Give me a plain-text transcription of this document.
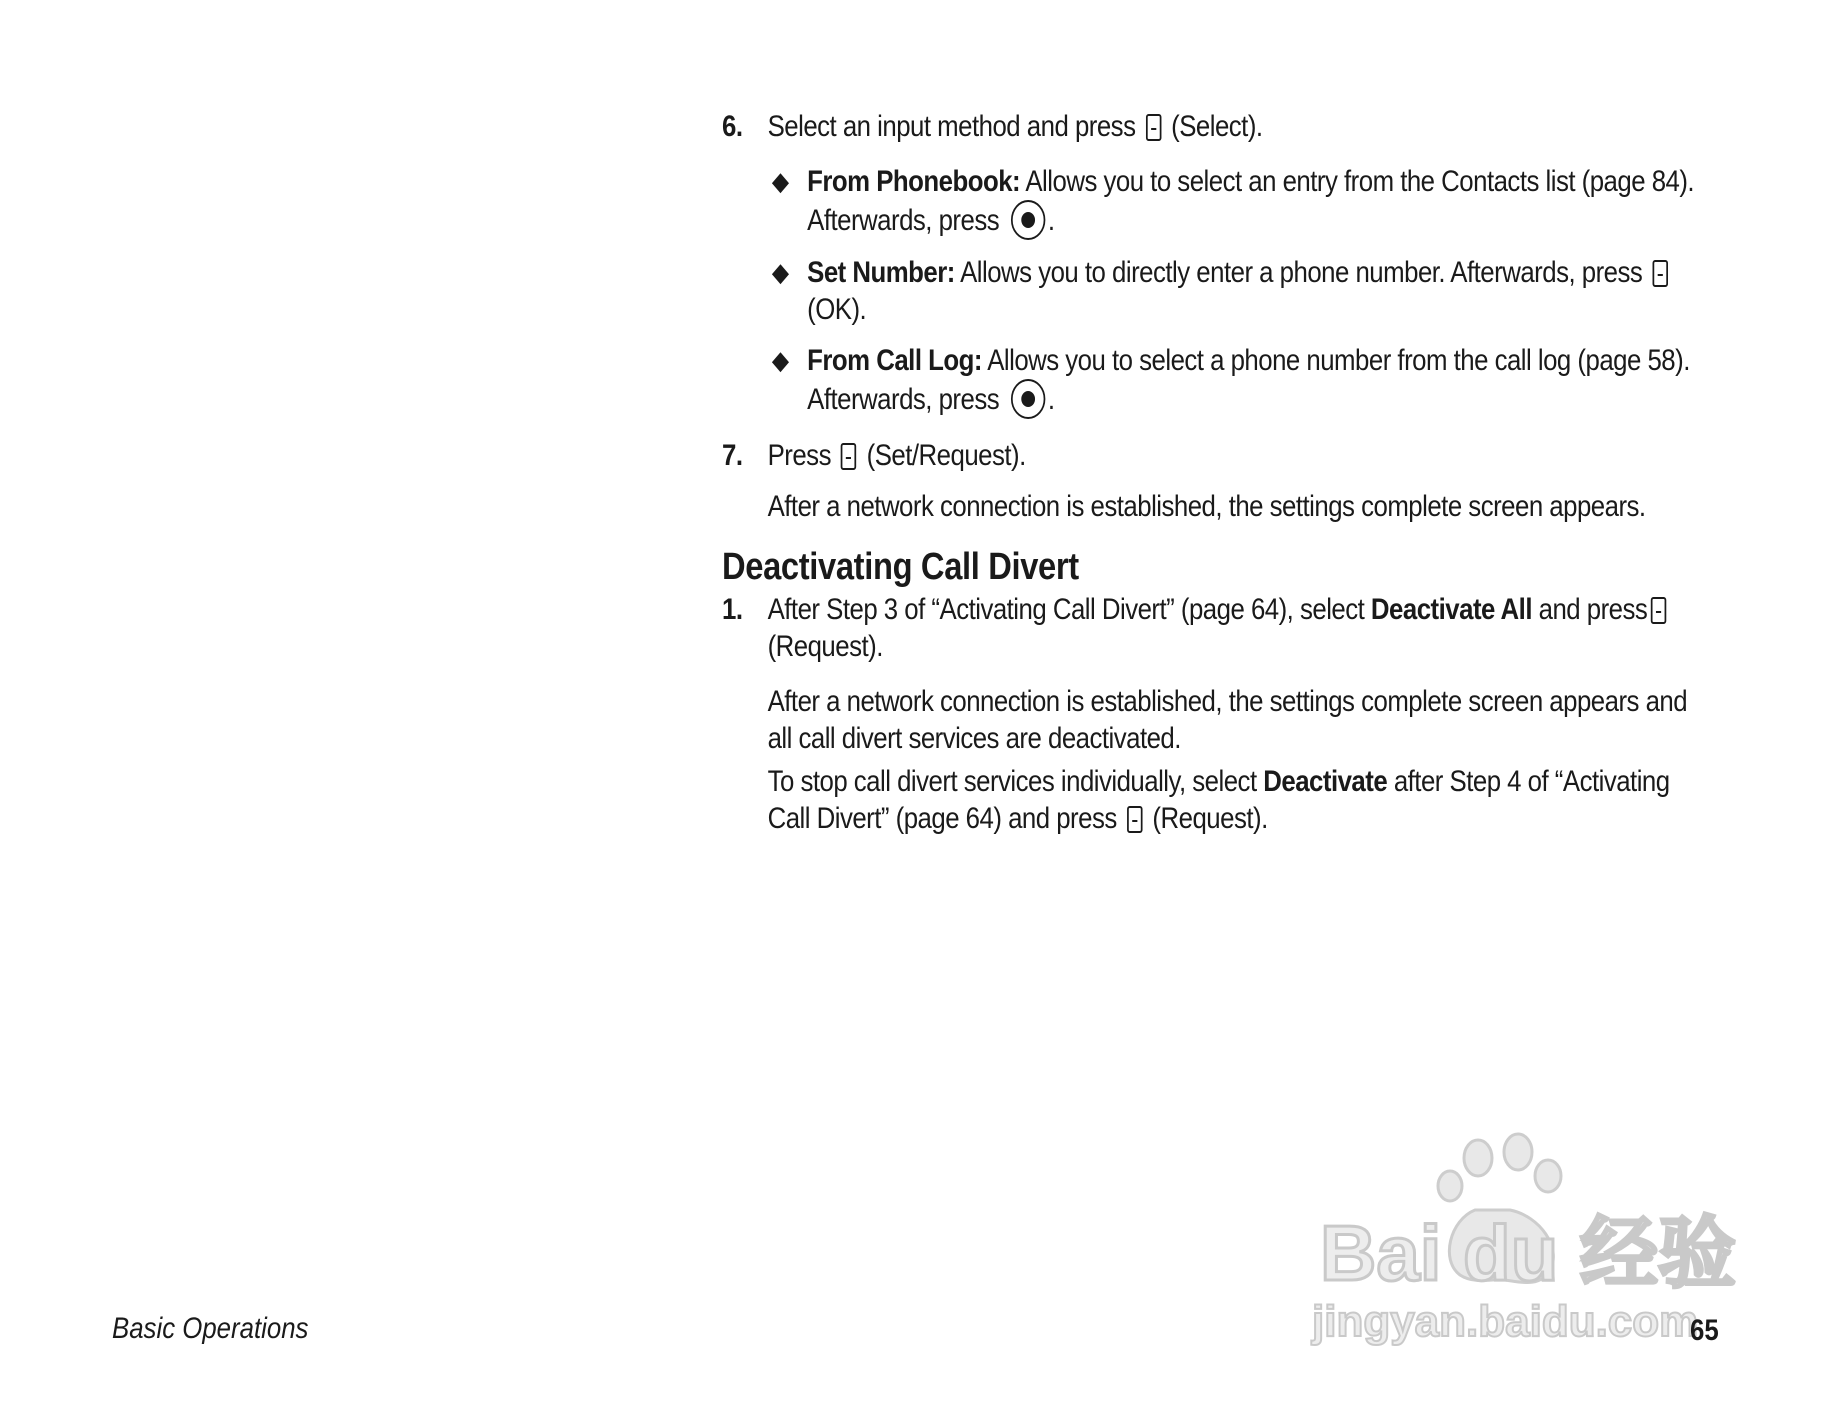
6. Select an input method and press (Select).

◆ From Phonebook: Allows you to select an entry from the Contacts list (page 84).
Afterwards, press .

◆ Set Number: Allows you to directly enter a phone number. Afterwards, press
(OK).

◆ From Call Log: Allows you to select a phone number from the call log (page 58).
Afterwards, press .

7. Press (Set/Request).

After a network connection is established, the settings complete screen appears.

Deactivating Call Divert

1. After Step 3 of “Activating Call Divert” (page 64), select Deactivate All and press
(Request).

After a network connection is established, the settings complete screen appears and
all call divert services are deactivated.

To stop call divert services individually, select Deactivate after Step 4 of “Activating
Call Divert” (page 64) and press (Request).

Bai du 经验
jingyan.baidu.com
Basic Operations	65
